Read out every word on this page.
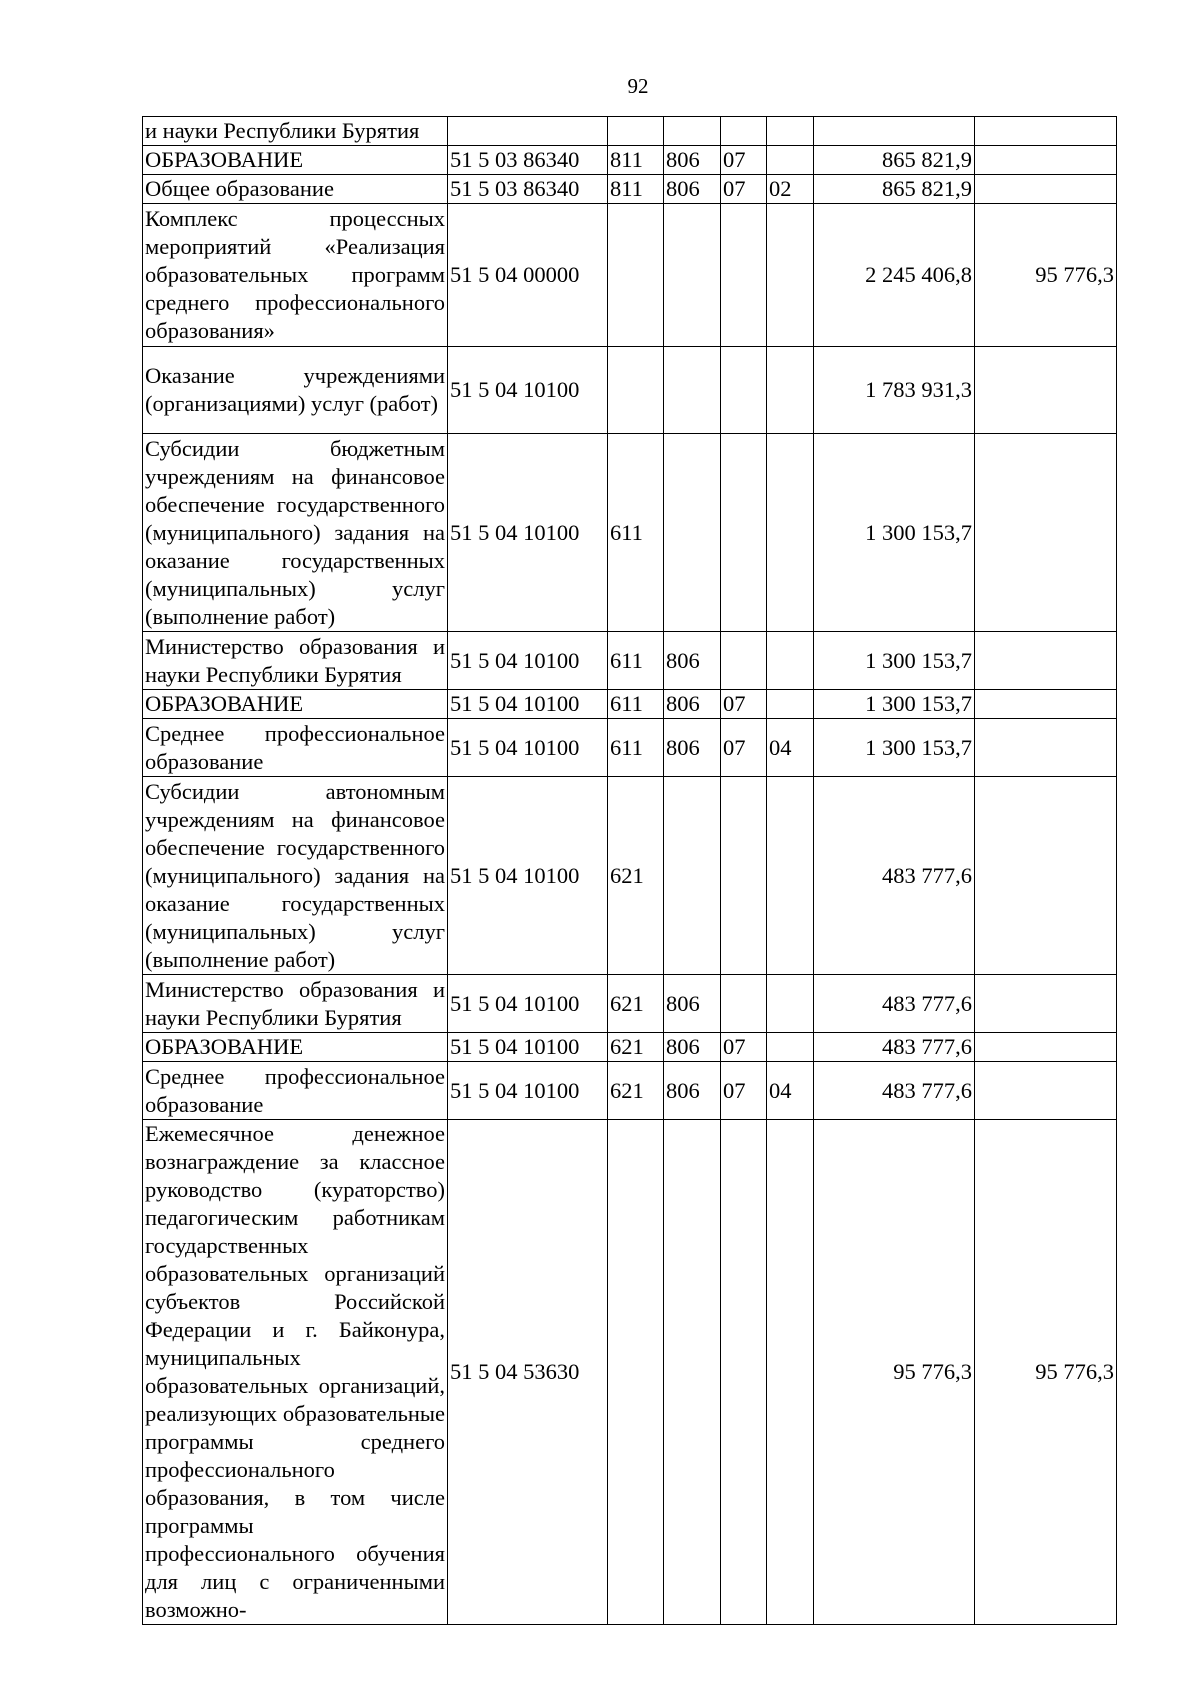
92
и науки Республики Бурятия							
ОБРАЗОВАНИЕ	51 5 03 86340	811	806	07		865 821,9	
Общее образование	51 5 03 86340	811	806	07	02	865 821,9	
Комплекс процессных мероприятий «Реализация образовательных программ среднего профессионального образования»	51 5 04 00000					2 245 406,8	95 776,3
Оказание учреждениями (организациями) услуг (работ)	51 5 04 10100					1 783 931,3	
Субсидии бюджетным учреждениям на финансовое обеспечение государственного (муниципального) задания на оказание государственных (муниципальных) услуг (выполнение работ)	51 5 04 10100	611				1 300 153,7	
Министерство образования и науки Республики Бурятия	51 5 04 10100	611	806			1 300 153,7	
ОБРАЗОВАНИЕ	51 5 04 10100	611	806	07		1 300 153,7	
Среднее профессиональное образование	51 5 04 10100	611	806	07	04	1 300 153,7	
Субсидии автономным учреждениям на финансовое обеспечение государственного (муниципального) задания на оказание государственных (муниципальных) услуг (выполнение работ)	51 5 04 10100	621				483 777,6	
Министерство образования и науки Республики Бурятия	51 5 04 10100	621	806			483 777,6	
ОБРАЗОВАНИЕ	51 5 04 10100	621	806	07		483 777,6	
Среднее профессиональное образование	51 5 04 10100	621	806	07	04	483 777,6	
Ежемесячное денежное вознаграждение за классное руководство (кураторство) педагогическим работникам государственных образовательных организаций субъектов Российской Федерации и г. Байконура, муниципальных образовательных организаций, реализующих образовательные программы среднего профессионального образования, в том числе программы профессионального обучения для лиц с ограниченными возможно-	51 5 04 53630					95 776,3	95 776,3
